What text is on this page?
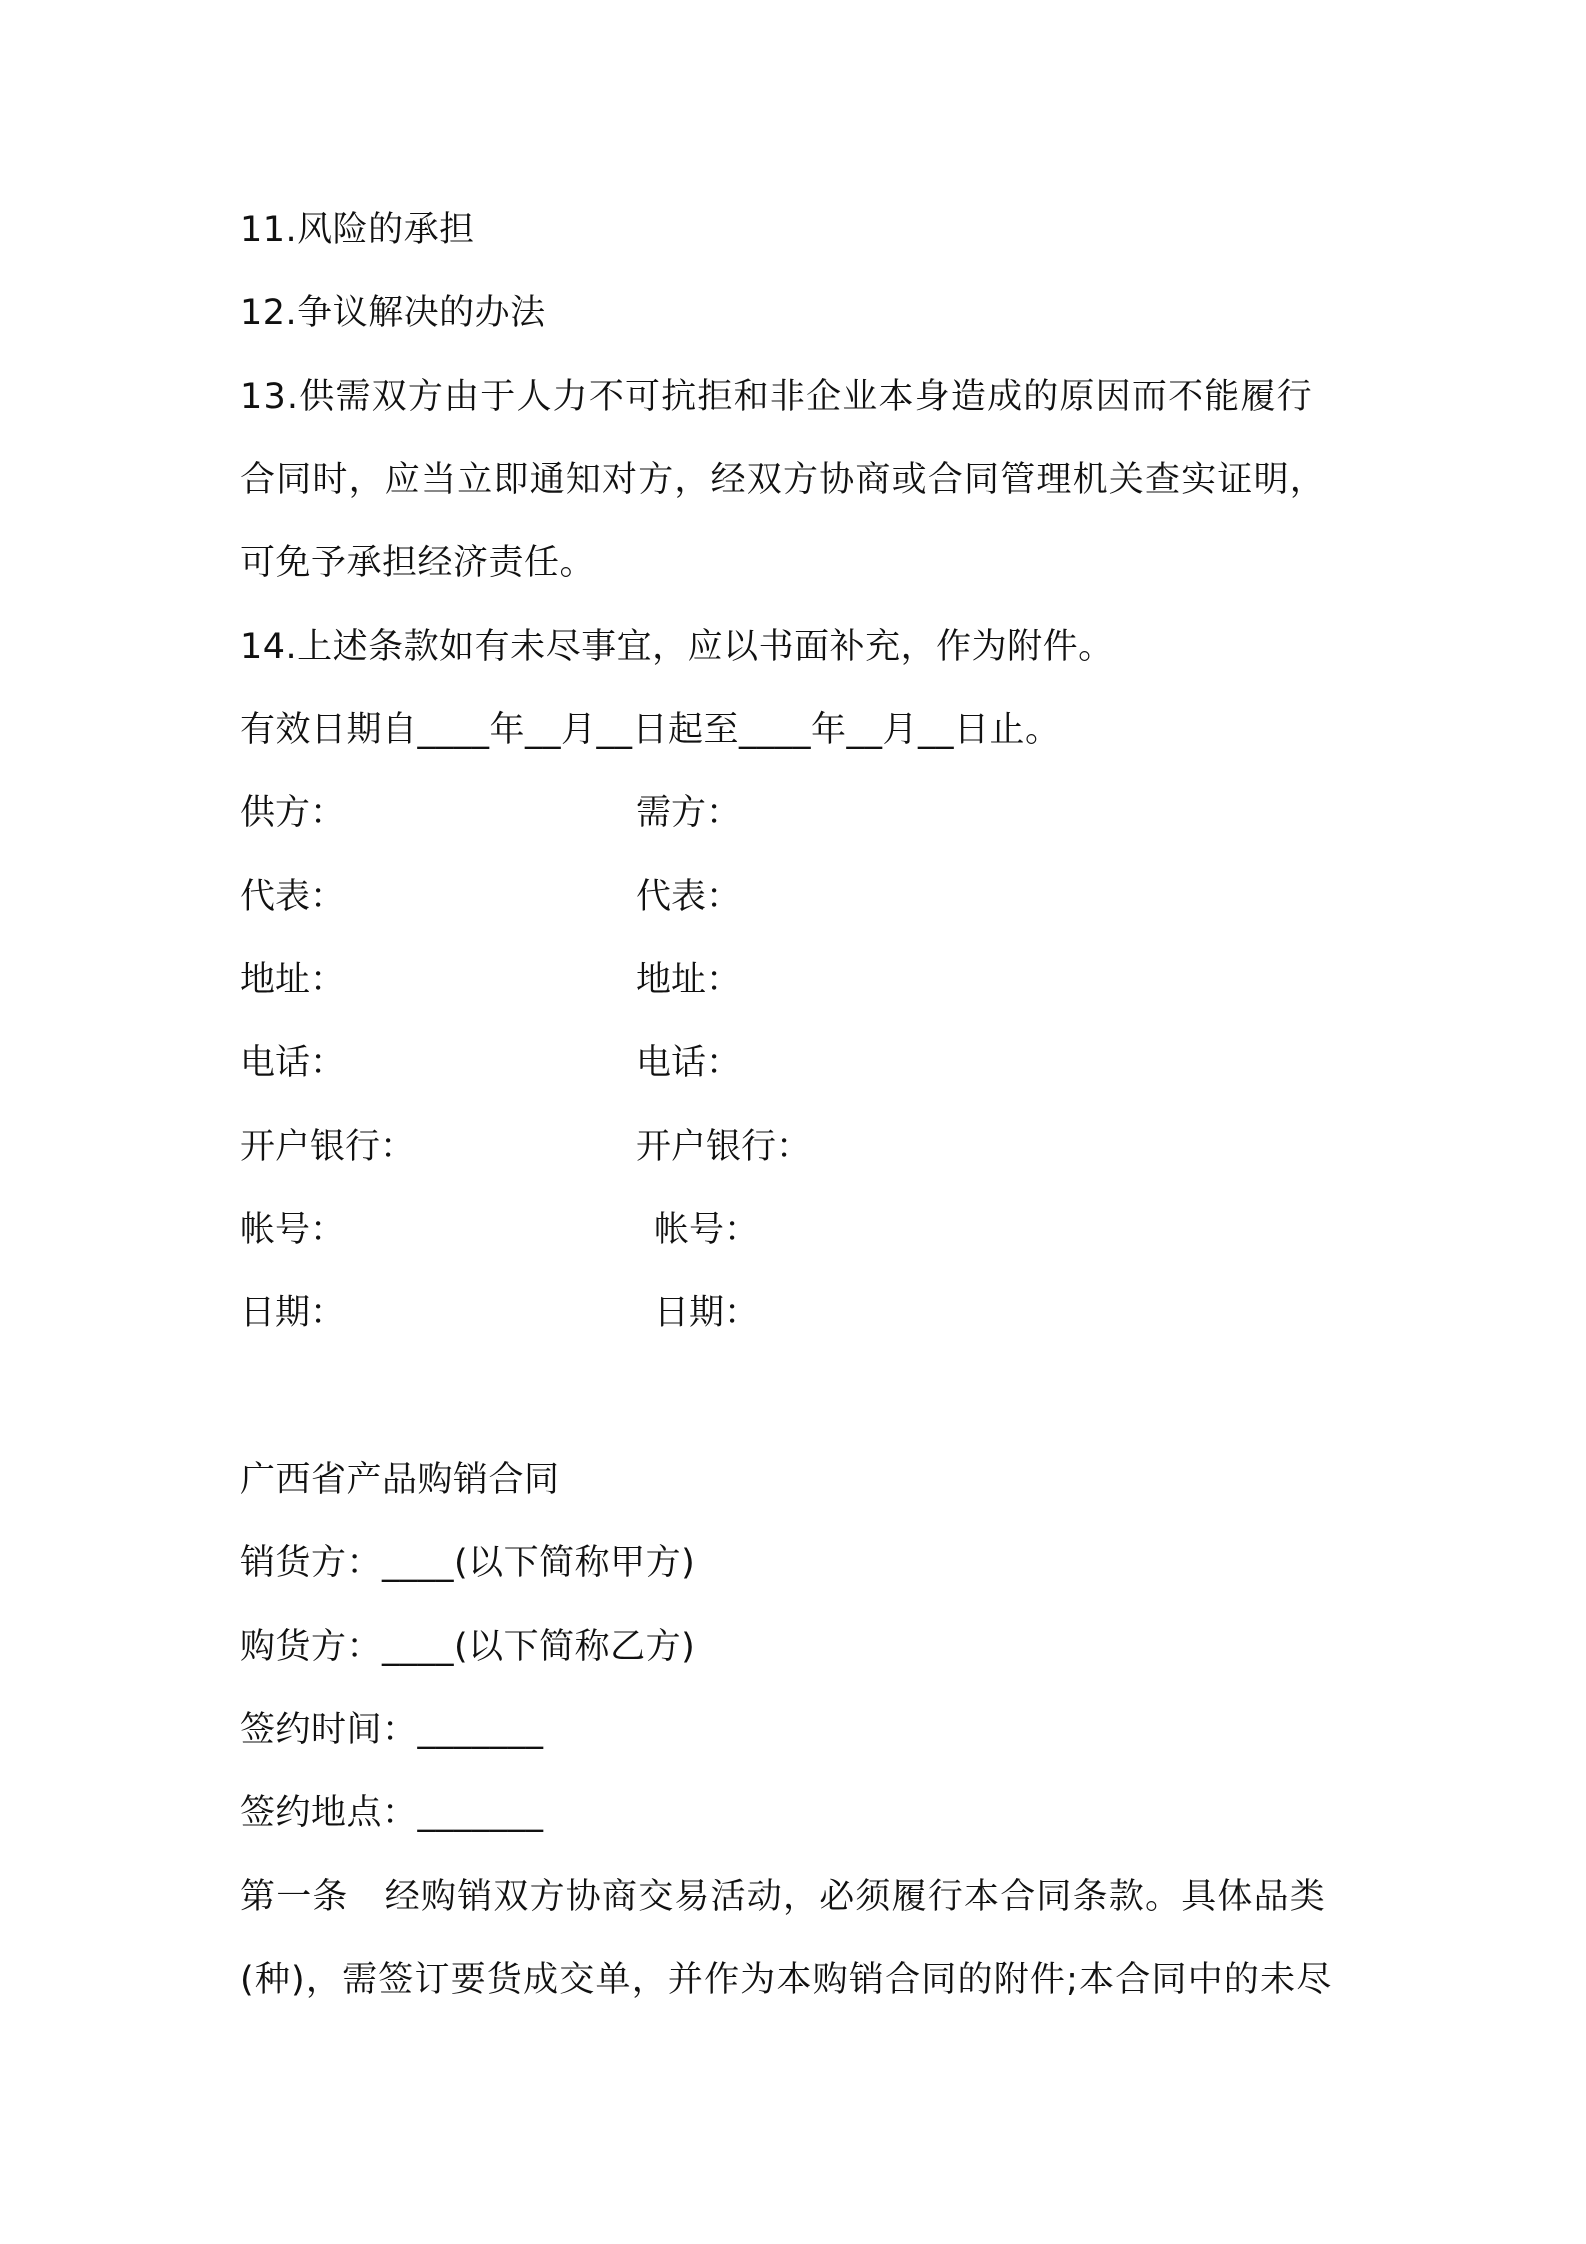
11.风险的承担
12.争议解决的办法
13.供需双方由于人力不可抗拒和非企业本身造成的原因而不能履行
合同时，应当立即通知对方，经双方协商或合同管理机关查实证明，
可免予承担经济责任。
14.上述条款如有未尽事宜，应以书面补充，作为附件。
有效日期自____年__月__日起至____年__月__日止。
供方：	需方：
代表：	代表：
地址：	地址：
电话：	电话：
开户银行：	开户银行：
帐号：	帐号：
日期：	日期：
广西省产品购销合同
销货方：____(以下简称甲方)
购货方：____(以下简称乙方)
签约时间：_______
签约地点：_______
第一条　经购销双方协商交易活动，必须履行本合同条款。具体品类
(种)，需签订要货成交单，并作为本购销合同的附件;本合同中的未尽
